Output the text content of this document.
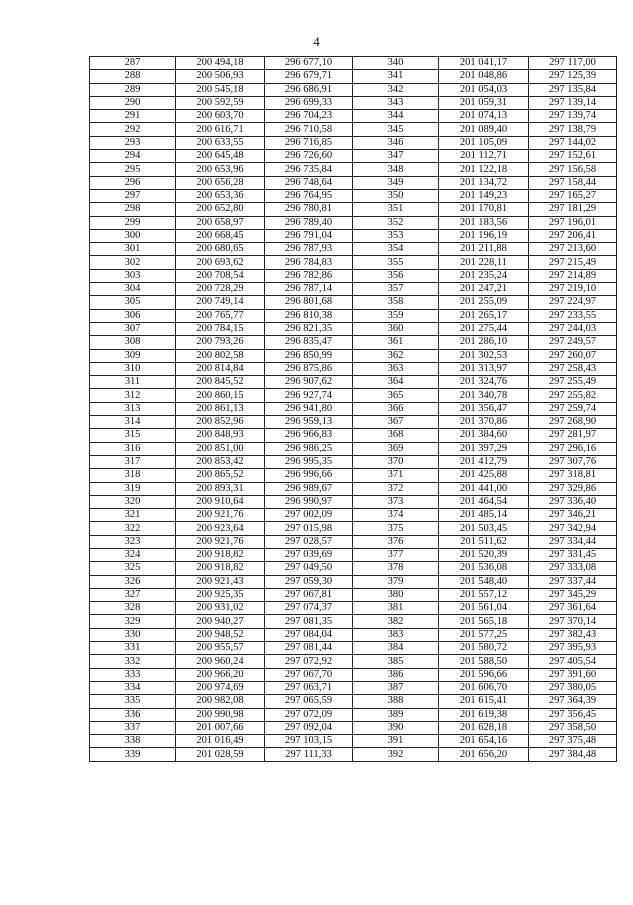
4
287	200 494,18	296 677,10	340	201 041,17	297 117,00
288	200 506,93	296 679,71	341	201 048,86	297 125,39
289	200 545,18	296 686,91	342	201 054,03	297 135,84
290	200 592,59	296 699,33	343	201 059,31	297 139,14
291	200 603,70	296 704,23	344	201 074,13	297 139,74
292	200 616,71	296 710,58	345	201 089,40	297 138,79
293	200 633,55	296 716,85	346	201 105,09	297 144,02
294	200 645,48	296 726,60	347	201 112,71	297 152,61
295	200 653,96	296 735,84	348	201 122,18	297 156,58
296	200 656,28	296 748,64	349	201 134,72	297 158,44
297	200 653,36	296 764,95	350	201 149,23	297 165,27
298	200 652,80	296 780,81	351	201 170,81	297 181,29
299	200 658,97	296 789,40	352	201 183,56	297 196,01
300	200 668,45	296 791,04	353	201 196,19	297 206,41
301	200 680,65	296 787,93	354	201 211,88	297 213,60
302	200 693,62	296 784,83	355	201 228,11	297 215,49
303	200 708,54	296 782,86	356	201 235,24	297 214,89
304	200 728,29	296 787,14	357	201 247,21	297 219,10
305	200 749,14	296 801,68	358	201 255,09	297 224,97
306	200 765,77	296 810,38	359	201 265,17	297 233,55
307	200 784,15	296 821,35	360	201 275,44	297 244,03
308	200 793,26	296 835,47	361	201 286,10	297 249,57
309	200 802,58	296 850,99	362	201 302,53	297 260,07
310	200 814,84	296 875,86	363	201 313,97	297 258,43
311	200 845,52	296 907,62	364	201 324,76	297 255,49
312	200 860,15	296 927,74	365	201 340,78	297 255,82
313	200 861,13	296 941,80	366	201 356,47	297 259,74
314	200 852,96	296 959,13	367	201 370,86	297 268,90
315	200 848,93	296 966,83	368	201 384,60	297 281,97
316	200 851,00	296 986,25	369	201 397,29	297 296,16
317	200 853,42	296 995,35	370	201 412,79	297 307,76
318	200 865,52	296 996,66	371	201 425,88	297 318,81
319	200 893,31	296 989,67	372	201 441,00	297 329,86
320	200 910,64	296 990,97	373	201 464,54	297 336,40
321	200 921,76	297 002,09	374	201 485,14	297 346,21
322	200 923,64	297 015,98	375	201 503,45	297 342,94
323	200 921,76	297 028,57	376	201 511,62	297 334,44
324	200 918,82	297 039,69	377	201 520,39	297 331,45
325	200 918,82	297 049,50	378	201 536,08	297 333,08
326	200 921,43	297 059,30	379	201 548,40	297 337,44
327	200 925,35	297 067,81	380	201 557,12	297 345,29
328	200 931,02	297 074,37	381	201 561,04	297 361,64
329	200 940,27	297 081,35	382	201 565,18	297 370,14
330	200 948,52	297 084,04	383	201 577,25	297 382,43
331	200 955,57	297 081,44	384	201 580,72	297 395,93
332	200 960,24	297 072,92	385	201 588,50	297 405,54
333	200 966,20	297 067,70	386	201 596,66	297 391,60
334	200 974,69	297 063,71	387	201 606,70	297 380,05
335	200 982,08	297 065,59	388	201 615,41	297 364,39
336	200 990,98	297 072,09	389	201 619,38	297 356,45
337	201 007,66	297 092,04	390	201 628,18	297 358,50
338	201 016,49	297 103,15	391	201 654,16	297 375,48
339	201 028,59	297 111,33	392	201 656,20	297 384,48
